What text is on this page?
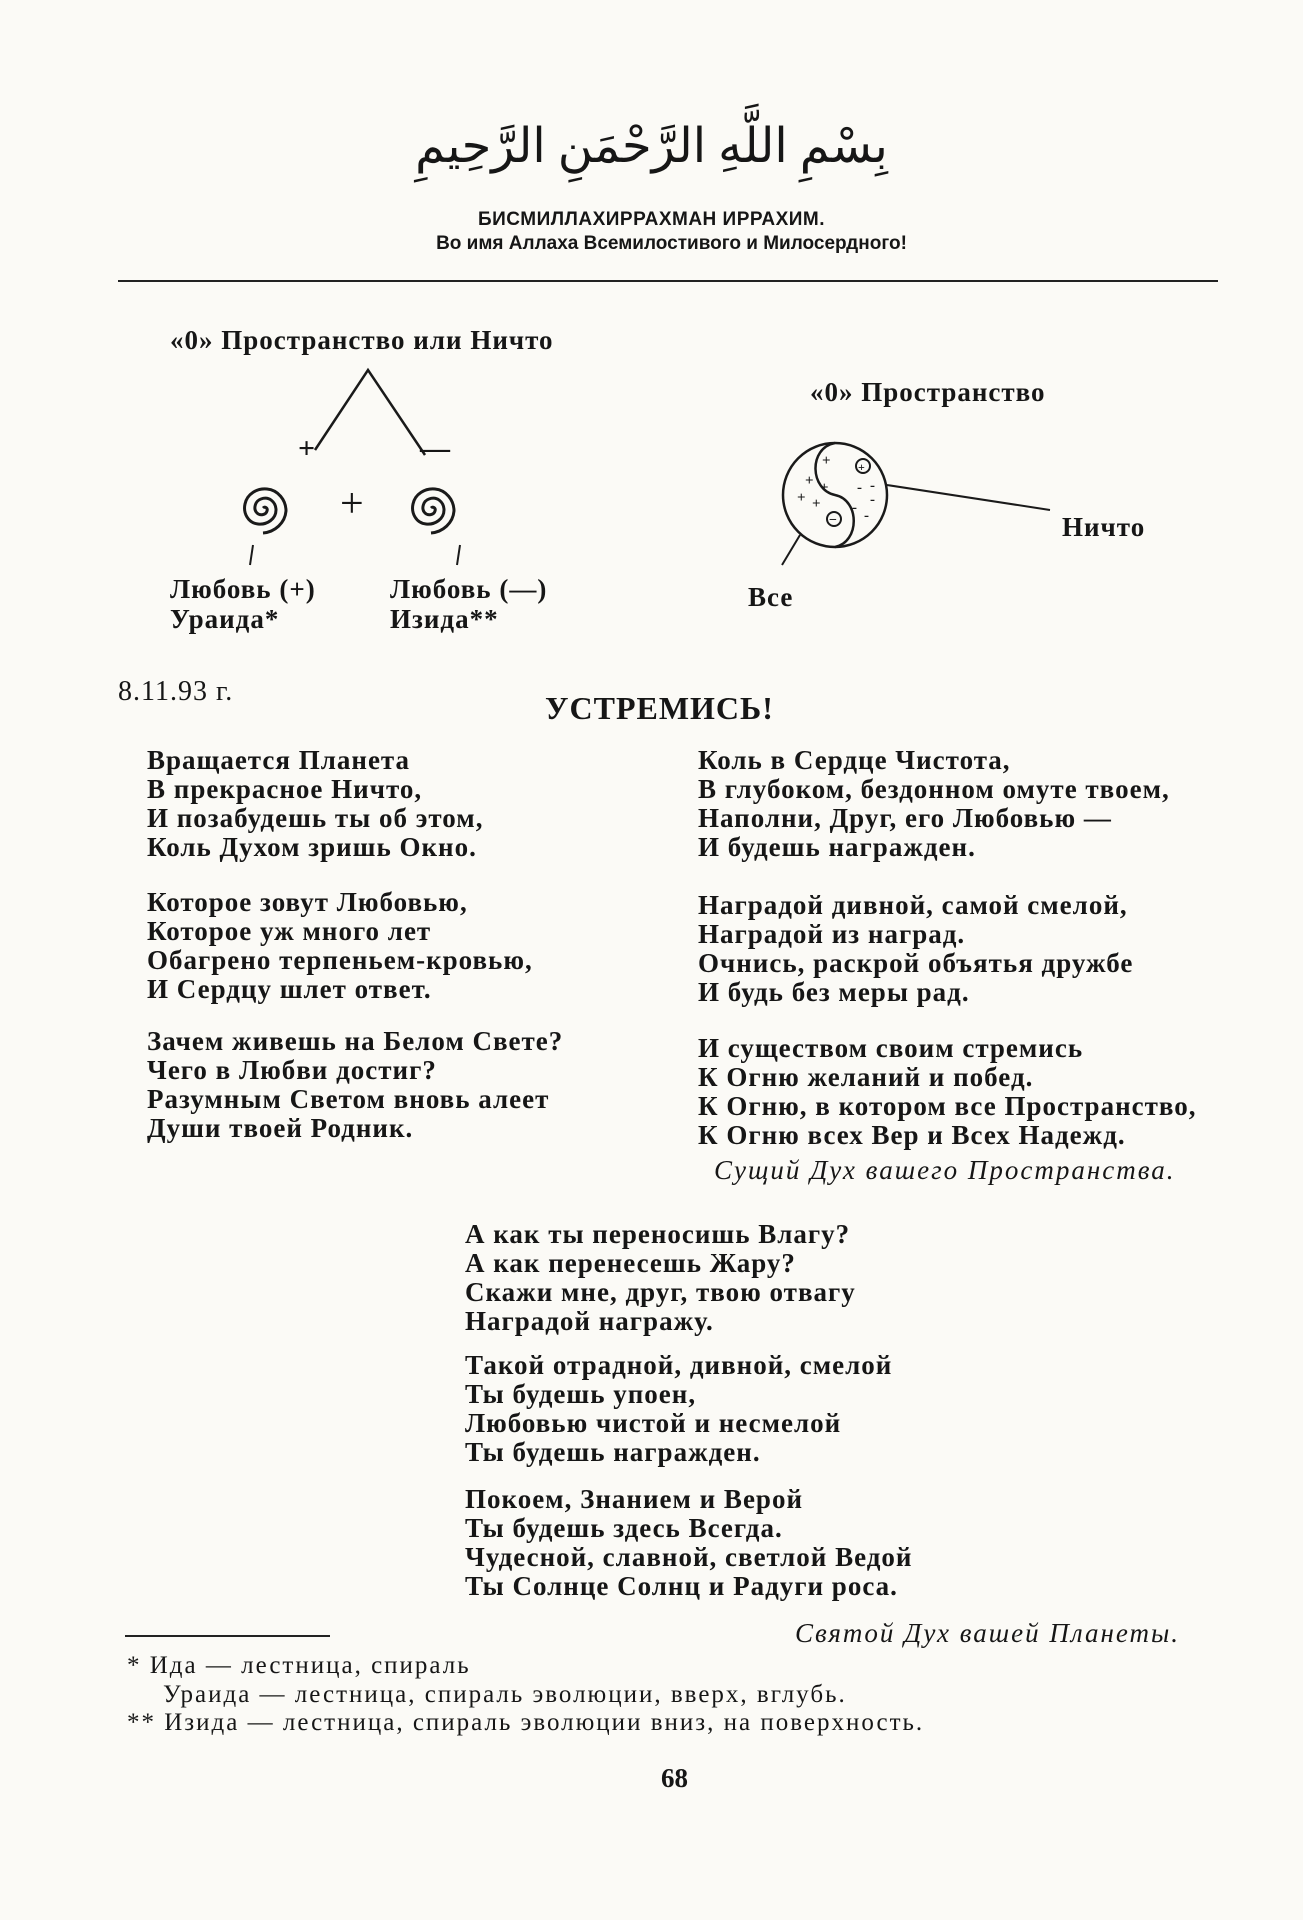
بِسْمِ اللَّهِ الرَّحْمَنِ الرَّحِيمِ
БИСМИЛЛАХИРРАХМАН ИРРАХИМ.
Во имя Аллаха Всемилостивого и Милосердного!
«0» Пространство или Ничто
+	—
+
Любовь (+)
Ураида*
Любовь (—)
Изида**
«0» Пространство
+
−
+
+ +
+
+
- -
- -
-
Ничто
Все
8.11.93 г.	УСТРЕМИСЬ!
Вращается Планета
В прекрасное Ничто,
И позабудешь ты об этом,
Коль Духом зришь Окно.
Которое зовут Любовью,
Которое уж много лет
Обагрено терпеньем-кровью,
И Сердцу шлет ответ.
Зачем живешь на Белом Свете?
Чего в Любви достиг?
Разумным Светом вновь алеет
Души твоей Родник.
Коль в Сердце Чистота,
В глубоком, бездонном омуте твоем,
Наполни, Друг, его Любовью —
И будешь награжден.
Наградой дивной, самой смелой,
Наградой из наград.
Очнись, раскрой объятья дружбе
И будь без меры рад.
И существом своим стремись
К Огню желаний и побед.
К Огню, в котором все Пространство,
К Огню всех Вер и Всех Надежд.
Сущий Дух вашего Пространства.
А как ты переносишь Влагу?
А как перенесешь Жару?
Скажи мне, друг, твою отвагу
Наградой награжу.
Такой отрадной, дивной, смелой
Ты будешь упоен,
Любовью чистой и несмелой
Ты будешь награжден.
Покоем, Знанием и Верой
Ты будешь здесь Всегда.
Чудесной, славной, светлой Ведой
Ты Солнце Солнц и Радуги роса.
Святой Дух вашей Планеты.
* Ида — лестница, спираль
Ураида — лестница, спираль эволюции, вверх, вглубь.
** Изида — лестница, спираль эволюции вниз, на поверхность.
68
